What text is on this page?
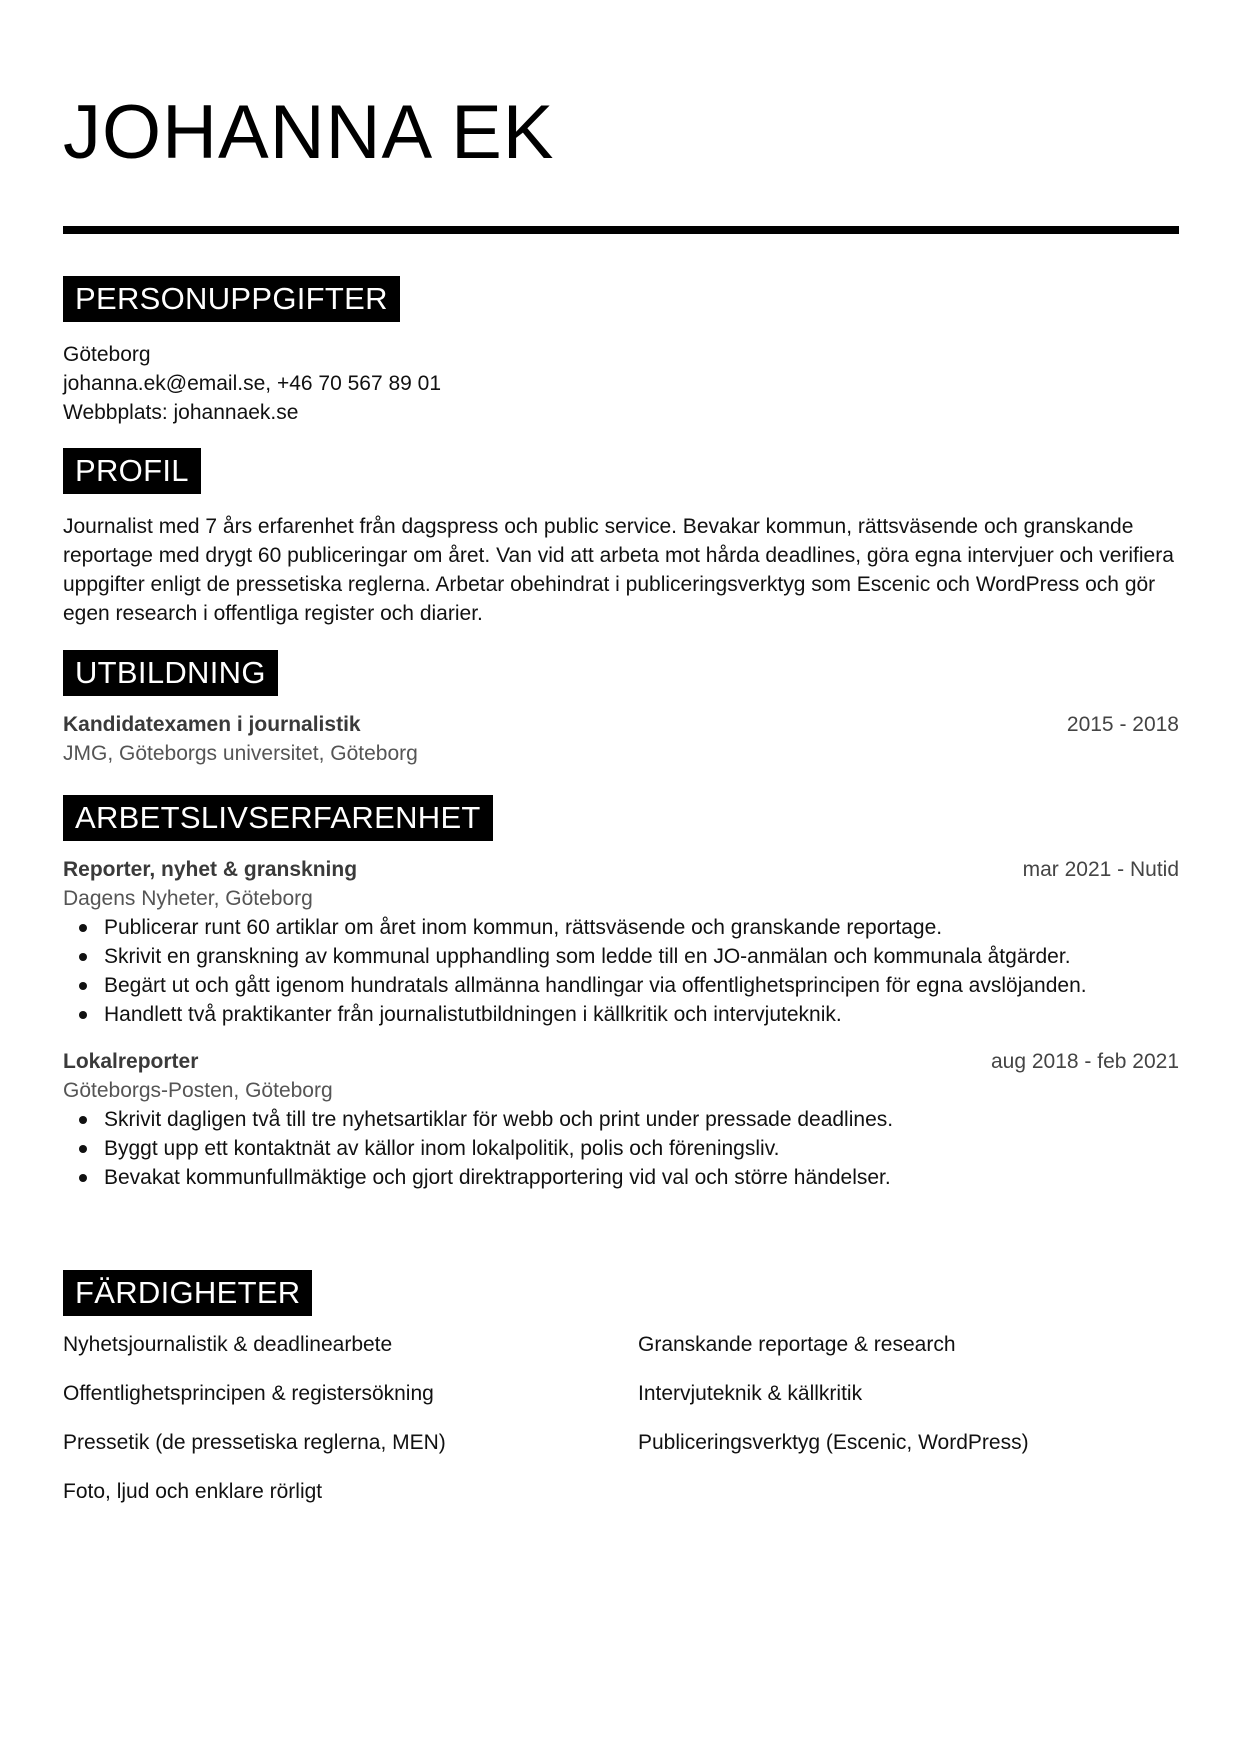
JOHANNA EK
PERSONUPPGIFTER
Göteborg
johanna.ek@email.se, +46 70 567 89 01
Webbplats: johannaek.se
PROFIL
Journalist med 7 års erfarenhet från dagspress och public service. Bevakar kommun, rättsväsende och granskande reportage med drygt 60 publiceringar om året. Van vid att arbeta mot hårda deadlines, göra egna intervjuer och verifiera uppgifter enligt de pressetiska reglerna. Arbetar obehindrat i publiceringsverktyg som Escenic och WordPress och gör egen research i offentliga register och diarier.
UTBILDNING
Kandidatexamen i journalistik	2015 - 2018
JMG, Göteborgs universitet, Göteborg
ARBETSLIVSERFARENHET
Reporter, nyhet & granskning	mar 2021 - Nutid
Dagens Nyheter, Göteborg
Publicerar runt 60 artiklar om året inom kommun, rättsväsende och granskande reportage.
Skrivit en granskning av kommunal upphandling som ledde till en JO-anmälan och kommunala åtgärder.
Begärt ut och gått igenom hundratals allmänna handlingar via offentlighetsprincipen för egna avslöjanden.
Handlett två praktikanter från journalistutbildningen i källkritik och intervjuteknik.
Lokalreporter	aug 2018 - feb 2021
Göteborgs-Posten, Göteborg
Skrivit dagligen två till tre nyhetsartiklar för webb och print under pressade deadlines.
Byggt upp ett kontaktnät av källor inom lokalpolitik, polis och föreningsliv.
Bevakat kommunfullmäktige och gjort direktrapportering vid val och större händelser.
FÄRDIGHETER
Nyhetsjournalistik & deadlinearbete	Granskande reportage & research
Offentlighetsprincipen & registersökning	Intervjuteknik & källkritik
Pressetik (de pressetiska reglerna, MEN)	Publiceringsverktyg (Escenic, WordPress)
Foto, ljud och enklare rörligt
